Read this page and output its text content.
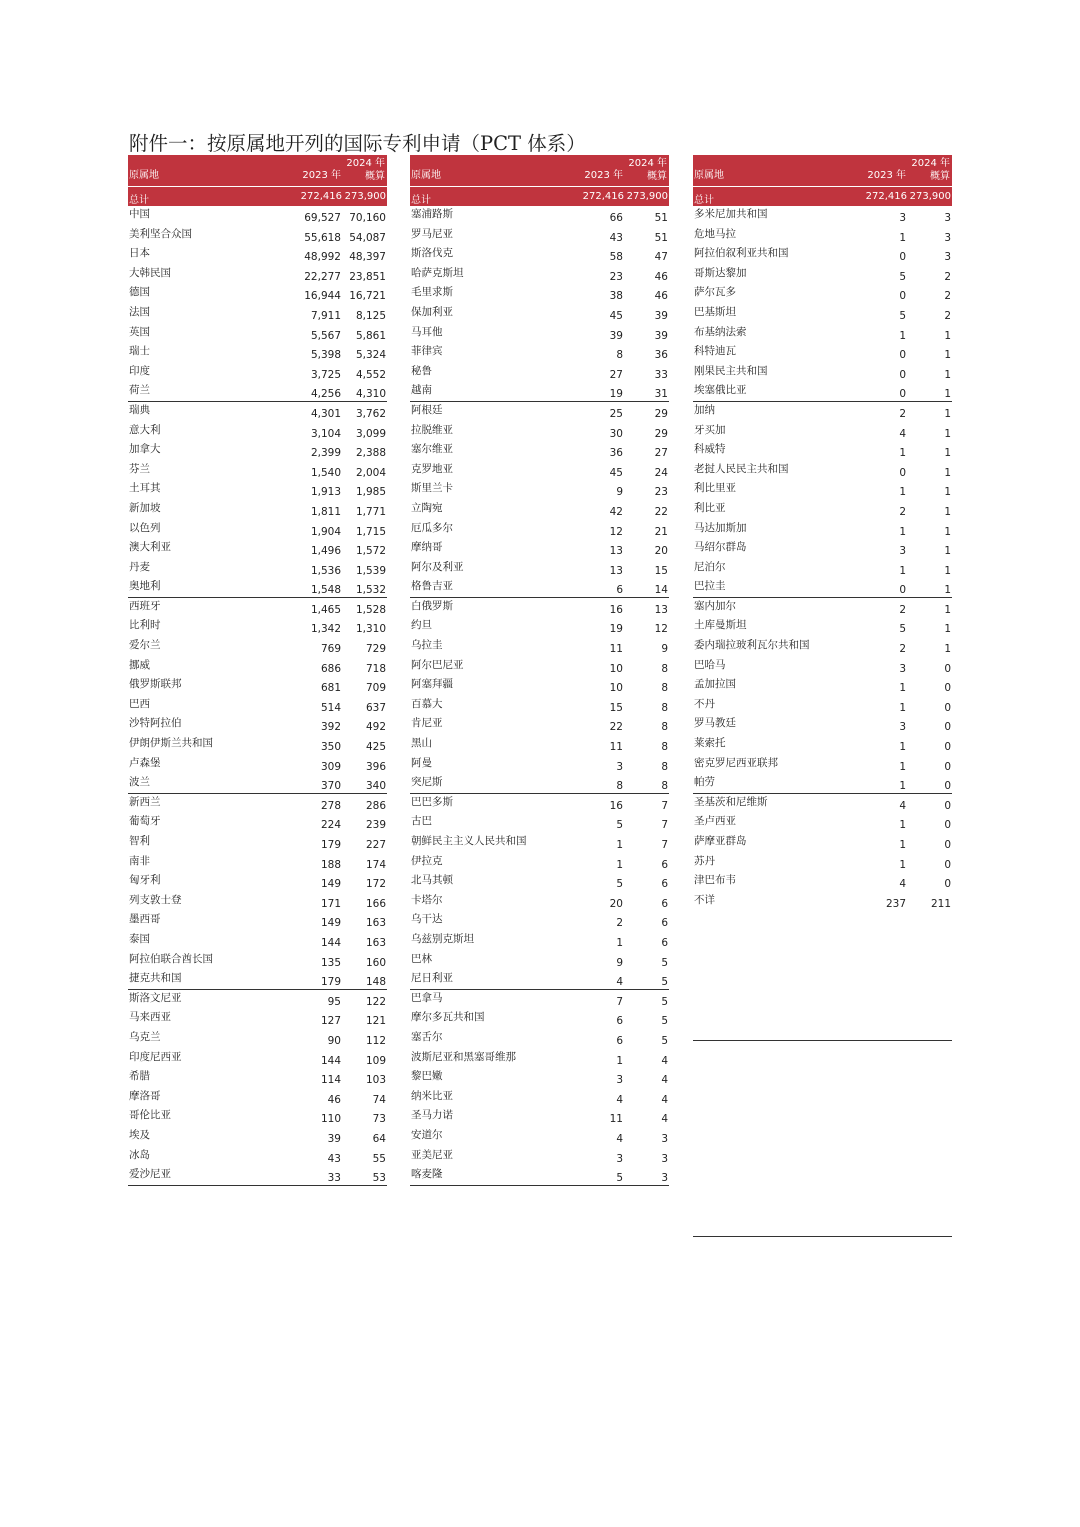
附件一：按原属地开列的国际专利申请（PCT 体系）
原属地	2023 年
2024 年
概算
总计	272,416 273,900
中国	69,527 70,160
美利坚合众国	55,618 54,087
日本	48,992 48,397
大韩民国	22,277 23,851
德国	16,944 16,721
法国	7,911 8,125
英国	5,567 5,861
瑞士	5,398 5,324
印度	3,725 4,552
荷兰	4,256 4,310
瑞典	4,301 3,762
意大利	3,104 3,099
加拿大	2,399 2,388
芬兰	1,540 2,004
土耳其	1,913 1,985
新加坡	1,811 1,771
以色列	1,904 1,715
澳大利亚	1,496 1,572
丹麦	1,536 1,539
奥地利	1,548 1,532
西班牙	1,465 1,528
比利时	1,342 1,310
爱尔兰	769 729
挪威	686 718
俄罗斯联邦	681 709
巴西	514 637
沙特阿拉伯	392 492
伊朗伊斯兰共和国	350 425
卢森堡	309 396
波兰	370 340
新西兰	278 286
葡萄牙	224 239
智利	179 227
南非	188 174
匈牙利	149 172
列支敦士登	171 166
墨西哥	149 163
泰国	144 163
阿拉伯联合酋长国	135 160
捷克共和国	179 148
斯洛文尼亚	95 122
马来西亚	127 121
乌克兰	90 112
印度尼西亚	144 109
希腊	114 103
摩洛哥	46	74
哥伦比亚	110	73
埃及	39	64
冰岛	43	55
爱沙尼亚	33	53
原属地	2023 年
2024 年
概算
总计	272,416 273,900
塞浦路斯	66	51
罗马尼亚	43	51
斯洛伐克	58	47
哈萨克斯坦	23	46
毛里求斯	38	46
保加利亚	45	39
马耳他	39	39
菲律宾	8	36
秘鲁	27	33
越南	19	31
阿根廷	25	29
拉脱维亚	30	29
塞尔维亚	36	27
克罗地亚	45	24
斯里兰卡	9	23
立陶宛	42	22
厄瓜多尔	12	21
摩纳哥	13	20
阿尔及利亚	13	15
格鲁吉亚	6	14
白俄罗斯	16	13
约旦	19	12
乌拉圭	11	9
阿尔巴尼亚	10	8
阿塞拜疆	10	8
百慕大	15	8
肯尼亚	22	8
黑山	11	8
阿曼	3	8
突尼斯	8	8
巴巴多斯	16	7
古巴	5	7
朝鲜民主主义人民共和国	1	7
伊拉克	1	6
北马其顿	5	6
卡塔尔	20	6
乌干达	2	6
乌兹别克斯坦	1	6
巴林	9	5
尼日利亚	4	5
巴拿马	7	5
摩尔多瓦共和国	6	5
塞舌尔	6	5
波斯尼亚和黑塞哥维那	1	4
黎巴嫩	3	4
纳米比亚	4	4
圣马力诺	11	4
安道尔	4	3
亚美尼亚	3	3
喀麦隆	5	3
原属地	2023 年
2024 年
概算
总计	272,416 273,900
多米尼加共和国	3	3
危地马拉	1	3
阿拉伯叙利亚共和国	0	3
哥斯达黎加	5	2
萨尔瓦多	0	2
巴基斯坦	5	2
布基纳法索	1	1
科特迪瓦	0	1
刚果民主共和国	0	1
埃塞俄比亚	0	1
加纳	2	1
牙买加	4	1
科威特	1	1
老挝人民民主共和国	0	1
利比里亚	1	1
利比亚	2	1
马达加斯加	1	1
马绍尔群岛	3	1
尼泊尔	1	1
巴拉圭	0	1
塞内加尔	2	1
土库曼斯坦	5	1
委内瑞拉玻利瓦尔共和国	2	1
巴哈马	3	0
孟加拉国	1	0
不丹	1	0
罗马教廷	3	0
莱索托	1	0
密克罗尼西亚联邦	1	0
帕劳	1	0
圣基茨和尼维斯	4	0
圣卢西亚	1	0
萨摩亚群岛	1	0
苏丹	1	0
津巴布韦	4	0
不详	237 211
